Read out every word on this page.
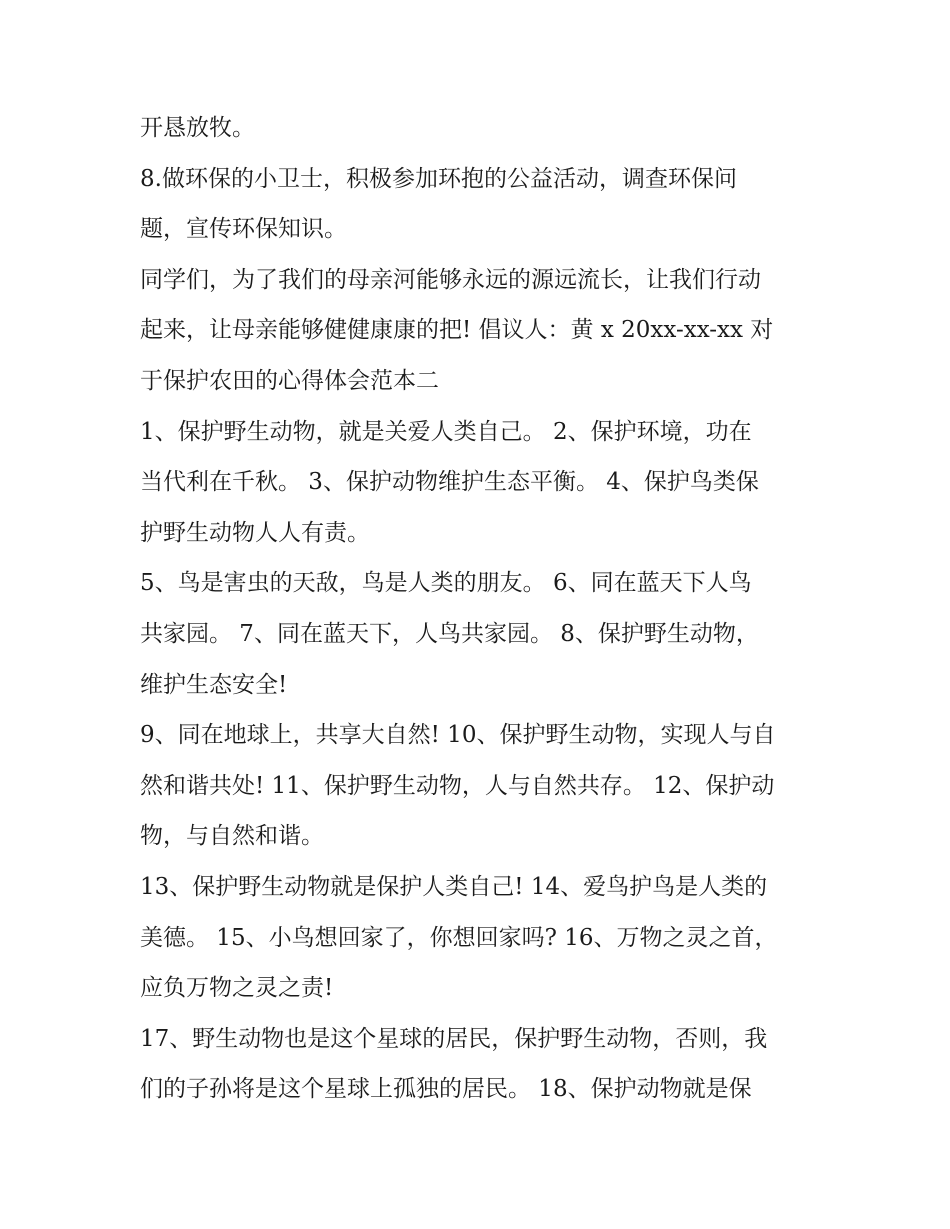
开恳放牧。
8.做环保的小卫士，积极参加环抱的公益活动，调查环保问
题，宣传环保知识。
同学们，为了我们的母亲河能够永远的源远流长，让我们行动
起来，让母亲能够健健康康的把! 倡议人：黄 x 20xx-xx-xx 对
于保护农田的心得体会范本二
1、保护野生动物，就是关爱人类自己。 2、保护环境，功在
当代利在千秋。 3、保护动物维护生态平衡。 4、保护鸟类保
护野生动物人人有责。
5、鸟是害虫的天敌，鸟是人类的朋友。 6、同在蓝天下人鸟
共家园。 7、同在蓝天下，人鸟共家园。 8、保护野生动物，
维护生态安全!
9、同在地球上，共享大自然! 10、保护野生动物，实现人与自
然和谐共处! 11、保护野生动物，人与自然共存。 12、保护动
物，与自然和谐。
13、保护野生动物就是保护人类自己! 14、爱鸟护鸟是人类的
美德。 15、小鸟想回家了，你想回家吗? 16、万物之灵之首，
应负万物之灵之责!
17、野生动物也是这个星球的居民，保护野生动物，否则，我
们的子孙将是这个星球上孤独的居民。 18、保护动物就是保
